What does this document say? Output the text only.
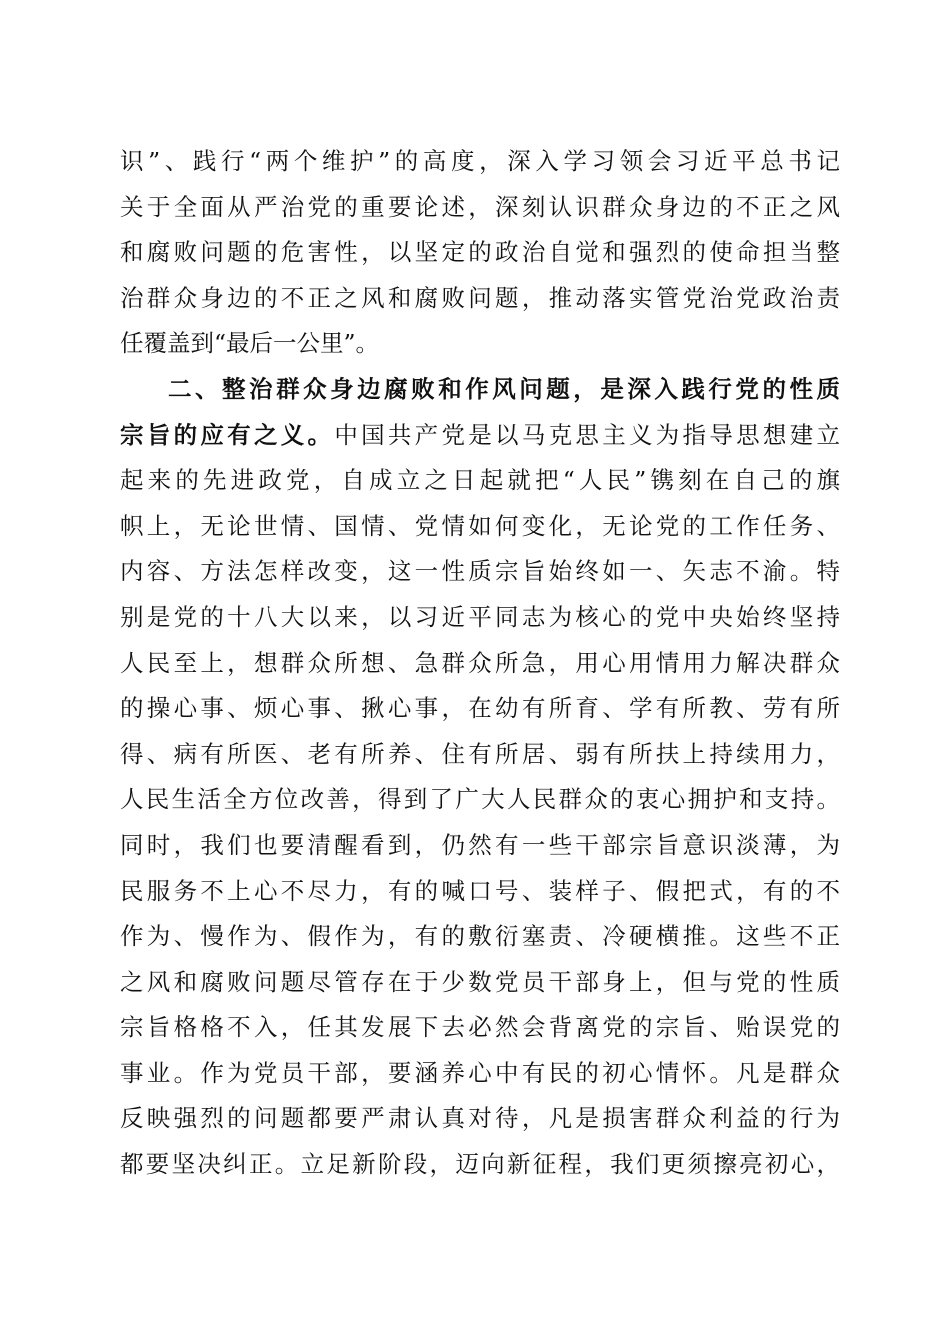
识”、践行“两个维护”的高度，深入学习领会习近平总书记
关于全面从严治党的重要论述，深刻认识群众身边的不正之风
和腐败问题的危害性，以坚定的政治自觉和强烈的使命担当整
治群众身边的不正之风和腐败问题，推动落实管党治党政治责
任覆盖到“最后一公里”。
二、整治群众身边腐败和作风问题，是深入践行党的性质
宗旨的应有之义。中国共产党是以马克思主义为指导思想建立
起来的先进政党，自成立之日起就把“人民”镌刻在自己的旗
帜上，无论世情、国情、党情如何变化，无论党的工作任务、
内容、方法怎样改变，这一性质宗旨始终如一、矢志不渝。特
别是党的十八大以来，以习近平同志为核心的党中央始终坚持
人民至上，想群众所想、急群众所急，用心用情用力解决群众
的操心事、烦心事、揪心事，在幼有所育、学有所教、劳有所
得、病有所医、老有所养、住有所居、弱有所扶上持续用力，
人民生活全方位改善，得到了广大人民群众的衷心拥护和支持。
同时，我们也要清醒看到，仍然有一些干部宗旨意识淡薄，为
民服务不上心不尽力，有的喊口号、装样子、假把式，有的不
作为、慢作为、假作为，有的敷衍塞责、冷硬横推。这些不正
之风和腐败问题尽管存在于少数党员干部身上，但与党的性质
宗旨格格不入，任其发展下去必然会背离党的宗旨、贻误党的
事业。作为党员干部，要涵养心中有民的初心情怀。凡是群众
反映强烈的问题都要严肃认真对待，凡是损害群众利益的行为
都要坚决纠正。立足新阶段，迈向新征程，我们更须擦亮初心，
